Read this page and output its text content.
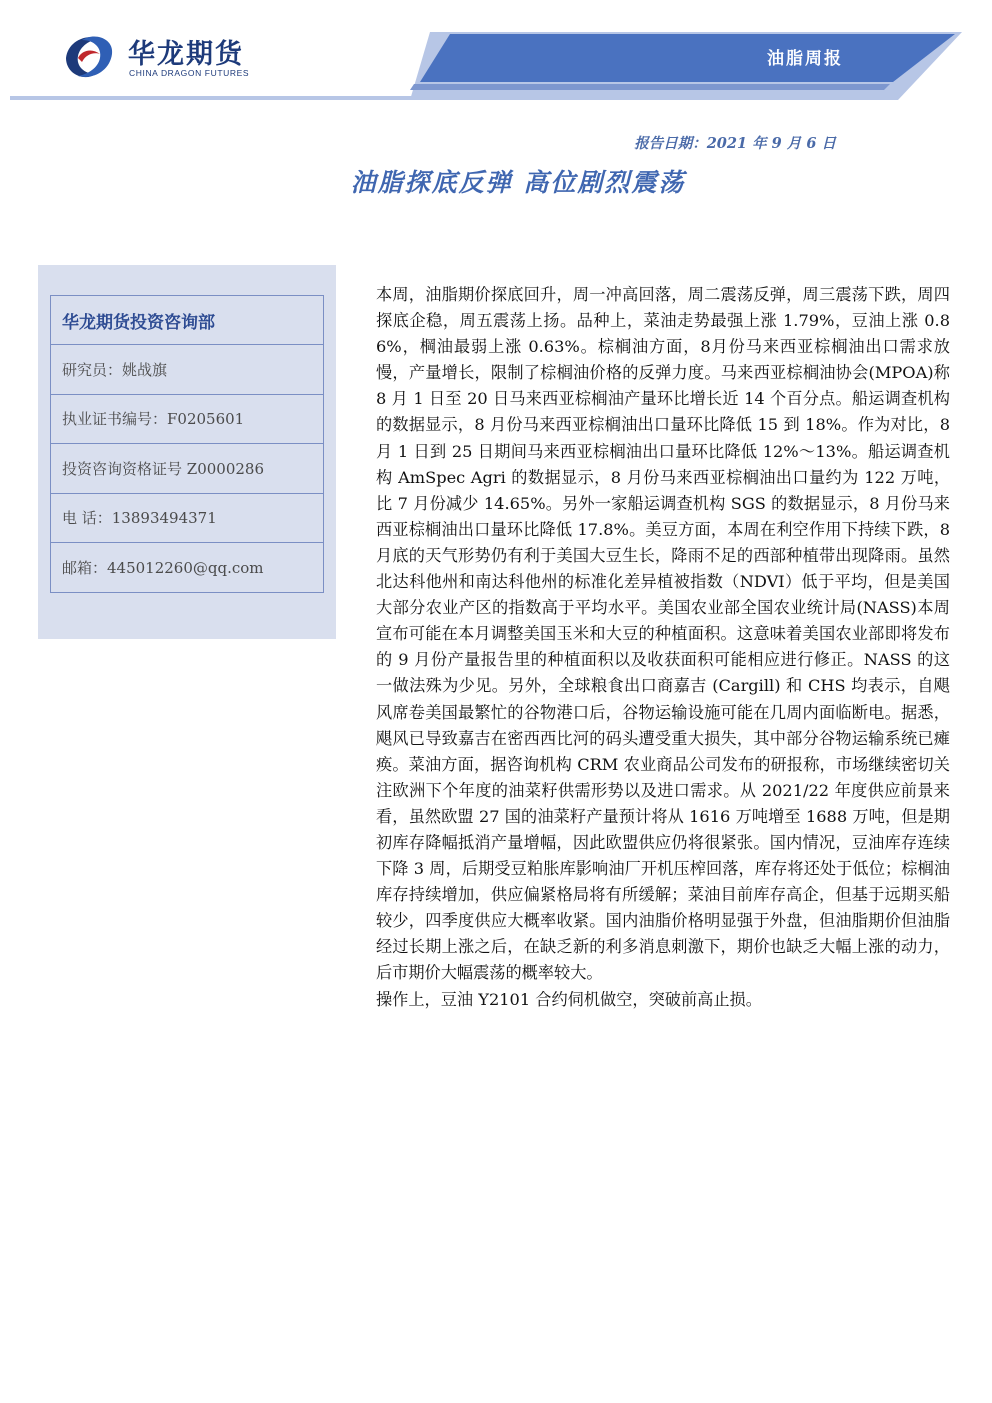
华龙期货
CHINA DRAGON FUTURES
油脂周报
报告日期：2021 年 9 月 6 日
油脂探底反弹 高位剧烈震荡
华龙期货投资咨询部
研究员：姚战旗
执业证书编号：F0205601
投资咨询资格证号 Z0000286
电 话：13893494371
邮箱：445012260@qq.com

本周，油脂期价探底回升，周一冲高回落，周二震荡反弹，周三震荡下跌，周四探底企稳，周五震荡上扬。品种上，菜油走势最强上涨 1.79%，豆油上涨 0.86%，棡油最弱上涨 0.63%。棕榈油方面，8月份马来西亚棕榈油出口需求放慢，产量增长，限制了棕榈油价格的反弹力度。马来西亚棕榈油协会(MPOA)称 8 月 1 日至 20 日马来西亚棕榈油产量环比增长近 14 个百分点。船运调查机构的数据显示，8 月份马来西亚棕榈油出口量环比降低 15 到 18%。作为对比，8 月 1 日到 25 日期间马来西亚棕榈油出口量环比降低 12%～13%。船运调查机构 AmSpec Agri 的数据显示，8 月份马来西亚棕榈油出口量约为 122 万吨，比 7 月份减少 14.65%。另外一家船运调查机构 SGS 的数据显示，8 月份马来西亚棕榈油出口量环比降低 17.8%。美豆方面，本周在利空作用下持续下跌，8 月底的天气形势仍有利于美国大豆生长，降雨不足的西部种植带出现降雨。虽然北达科他州和南达科他州的标准化差异植被指数（NDVI）低于平均，但是美国大部分农业产区的指数高于平均水平。美国农业部全国农业统计局(NASS)本周宣布可能在本月调整美国玉米和大豆的种植面积。这意味着美国农业部即将发布的 9 月份产量报告里的种植面积以及收获面积可能相应进行修正。NASS 的这一做法殊为少见。另外，全球粮食出口商嘉吉 (Cargill) 和 CHS 均表示，自飓风席卷美国最繁忙的谷物港口后，谷物运输设施可能在几周内面临断电。据悉，飓风已导致嘉吉在密西西比河的码头遭受重大损失，其中部分谷物运输系统已瘫痪。菜油方面，据咨询机构 CRM 农业商品公司发布的研报称，市场继续密切关注欧洲下个年度的油菜籽供需形势以及进口需求。从 2021/22 年度供应前景来看，虽然欧盟 27 国的油菜籽产量预计将从 1616 万吨增至 1688 万吨，但是期初库存降幅抵消产量增幅，因此欧盟供应仍将很紧张。国内情况，豆油库存连续下降 3 周，后期受豆粕胀库影响油厂开机压榨回落，库存将还处于低位；棕榈油库存持续增加，供应偏紧格局将有所缓解；菜油目前库存高企，但基于远期买船较少，四季度供应大概率收紧。国内油脂价格明显强于外盘，但油脂期价但油脂经过长期上涨之后，在缺乏新的利多消息刺激下，期价也缺乏大幅上涨的动力，后市期价大幅震荡的概率较大。

操作上，豆油 Y2101 合约伺机做空，突破前高止损。
